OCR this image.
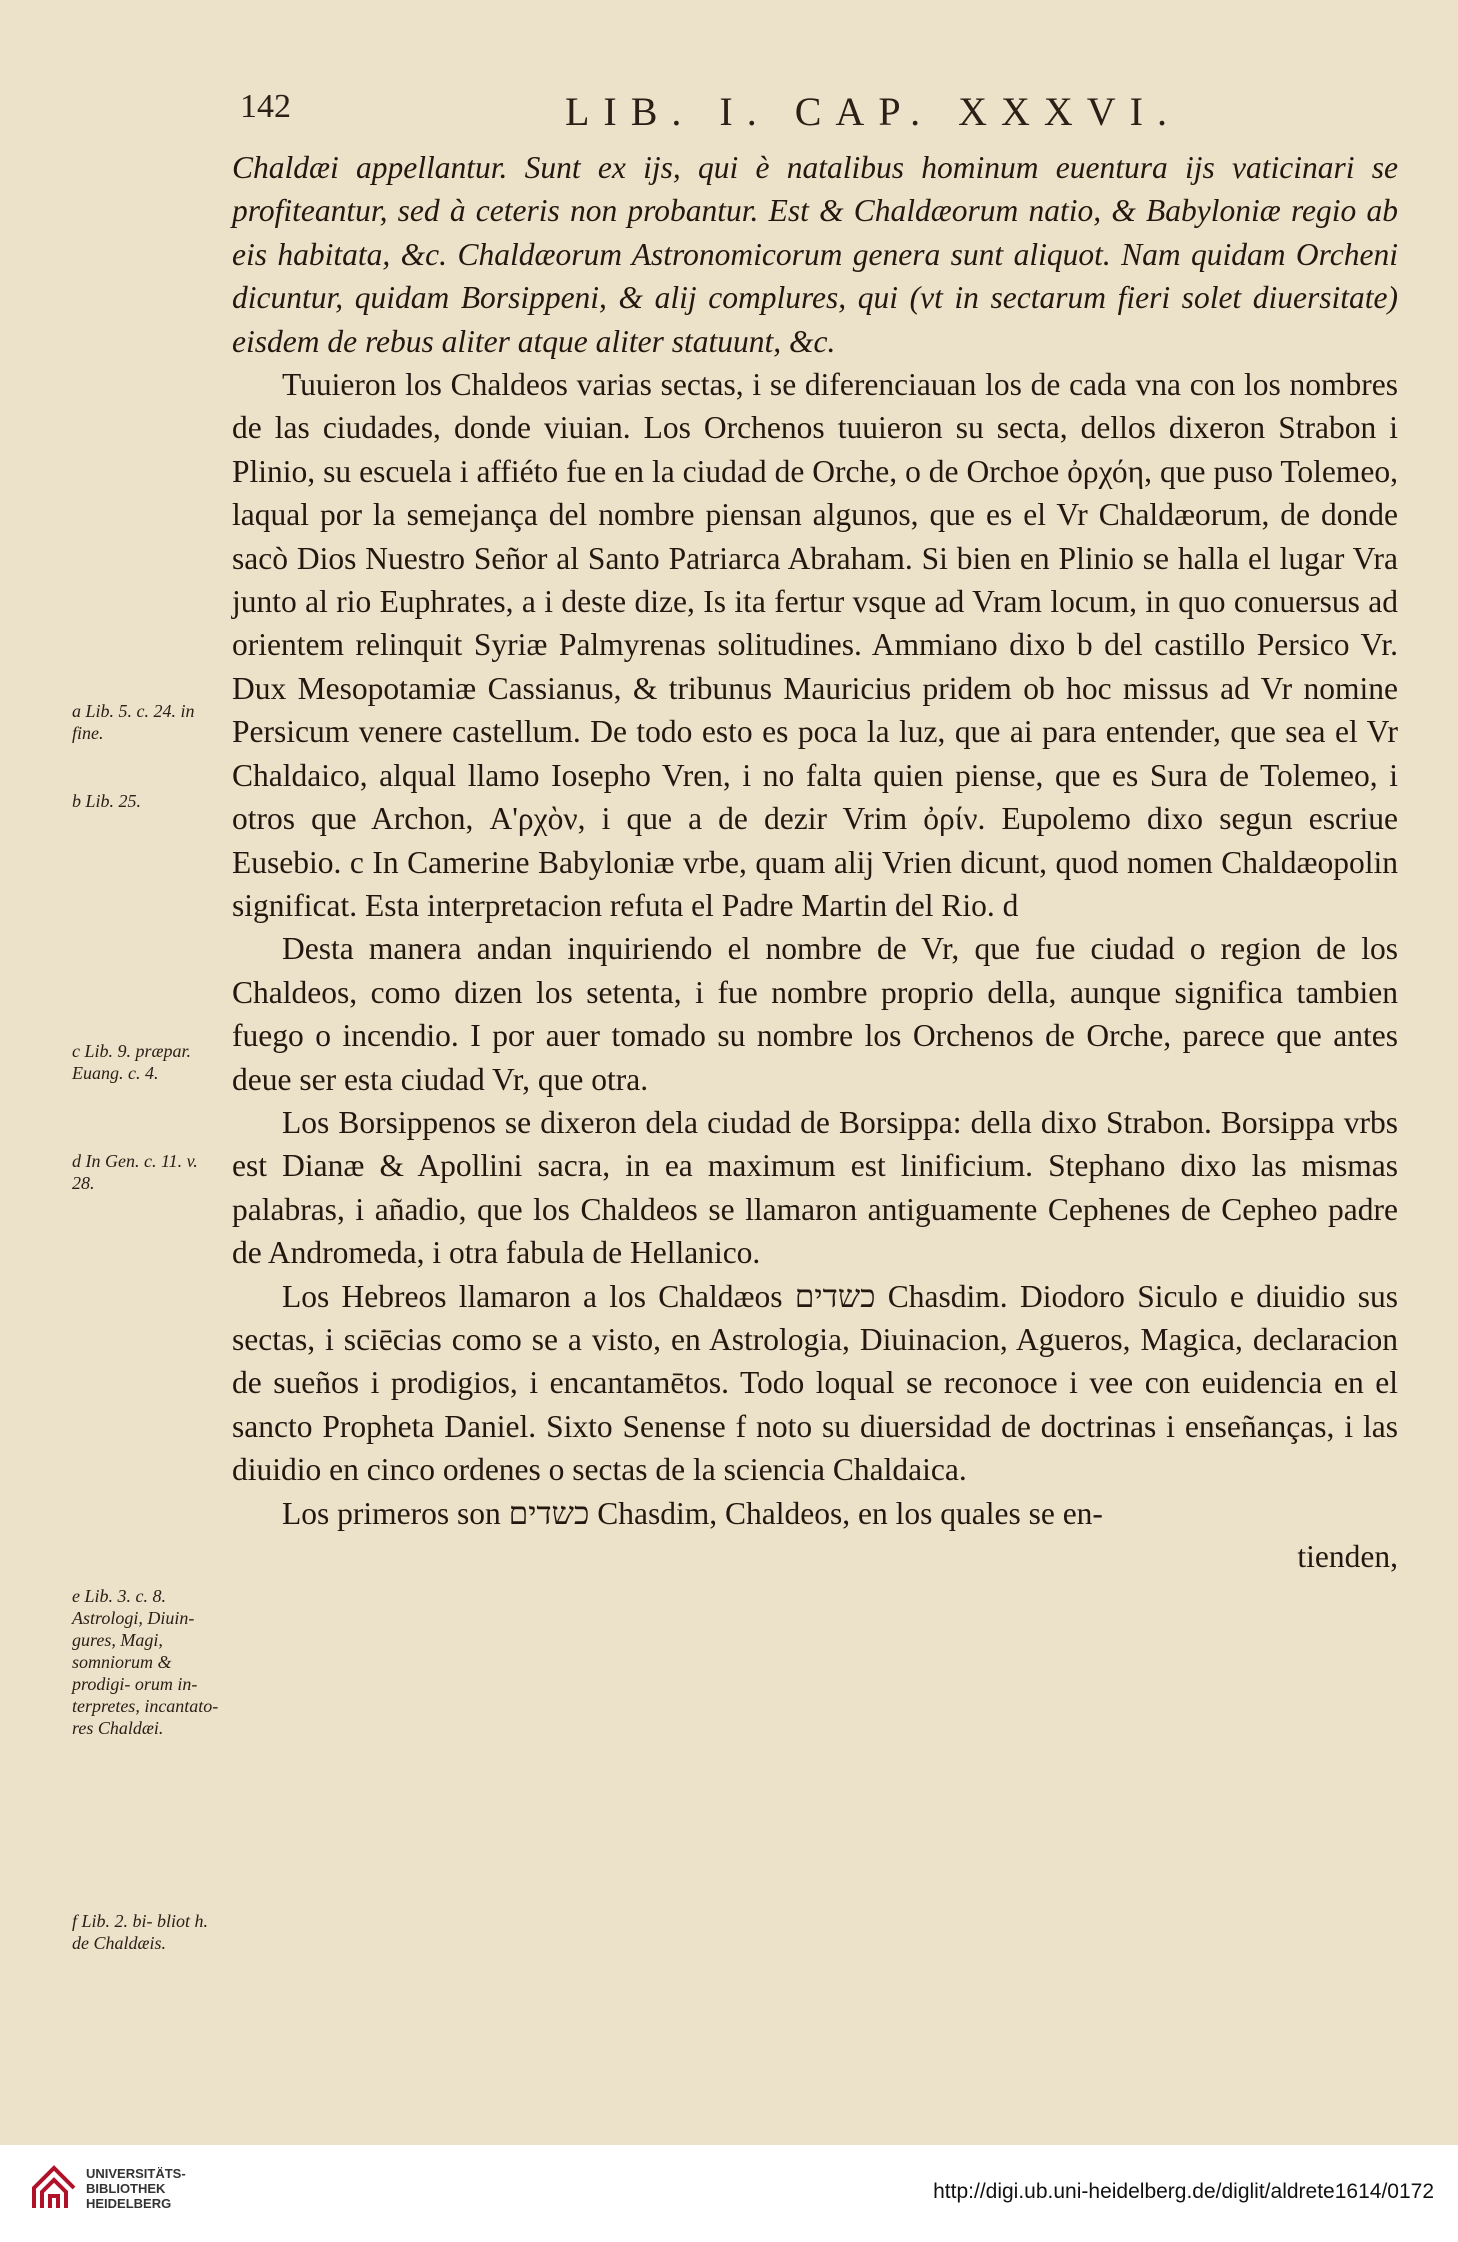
142	LIB. I. CAP. XXXVI.

Chaldæi appellantur. Sunt ex ijs, qui è natalibus hominum euentura ijs vaticinari se profiteantur, sed à ceteris non probantur. Est & Chaldæorum natio, & Babyloniæ regio ab eis habitata, &c. Chaldæorum Astronomicorum genera sunt aliquot. Nam quidam Orcheni dicuntur, quidam Borsippeni, & alij complures, qui (vt in sectarum fieri solet diuersitate) eisdem de rebus aliter atque aliter statuunt, &c.

Tuuieron los Chaldeos varias sectas, i se diferenciauan los de cada vna con los nombres de las ciudades, donde viuian. Los Orchenos tuuieron su secta, dellos dixeron Strabon i Plinio, su escuela i affiéto fue en la ciudad de Orche, o de Orchoe ὀρχόη, que puso Tolemeo, laqual por la semejança del nombre piensan algunos, que es el Vr Chaldæorum, de donde sacò Dios Nuestro Señor al Santo Patriarca Abraham. Si bien en Plinio se halla el lugar Vra junto al rio Euphrates, a i deste dize, Is ita fertur vsque ad Vram locum, in quo conuersus ad orientem relinquit Syriæ Palmyrenas solitudines. Ammiano dixo b del castillo Persico Vr. Dux Mesopotamiæ Cassianus, & tribunus Mauricius pridem ob hoc missus ad Vr nomine Persicum venere castellum. De todo esto es poca la luz, que ai para entender, que sea el Vr Chaldaico, alqual llamo Iosepho Vren, i no falta quien piense, que es Sura de Tolemeo, i otros que Archon, Α'ρχὸν, i que a de dezir Vrim ὀρίν. Eupolemo dixo segun escriue Eusebio. c In Camerine Babyloniæ vrbe, quam alij Vrien dicunt, quod nomen Chaldæopolin significat. Esta interpretacion refuta el Padre Martin del Rio. d

Desta manera andan inquiriendo el nombre de Vr, que fue ciudad o region de los Chaldeos, como dizen los setenta, i fue nombre proprio della, aunque significa tambien fuego o incendio. I por auer tomado su nombre los Orchenos de Orche, parece que antes deue ser esta ciudad Vr, que otra.

Los Borsippenos se dixeron dela ciudad de Borsippa: della dixo Strabon. Borsippa vrbs est Dianæ & Apollini sacra, in ea maximum est linificium. Stephano dixo las mismas palabras, i añadio, que los Chaldeos se llamaron antiguamente Cephenes de Cepheo padre de Andromeda, i otra fabula de Hellanico.

Los Hebreos llamaron a los Chaldæos כשדים Chasdim. Diodoro Siculo e diuidio sus sectas, i sciēcias como se a visto, en Astrologia, Diuinacion, Agueros, Magica, declaracion de sueños i prodigios, i encantamētos. Todo loqual se reconoce i vee con euidencia en el sancto Propheta Daniel. Sixto Senense f noto su diuersidad de doctrinas i enseñanças, i las diuidio en cinco ordenes o sectas de la sciencia Chaldaica.

Los primeros son כשדים Chasdim, Chaldeos, en los quales se en-

tienden,
a Lib. 5. c. 24. in fine.
b Lib. 25.
c Lib. 9. præpar. Euang. c. 4.
d In Gen. c. 11. v. 28.
e Lib. 3. c. 8. Astrologi, Diuin- gures, Magi, somniorum & prodigi- orum in- terpretes, incantato- res Chaldæi.
f Lib. 2. bi- bliot h. de Chaldæis.
UNIVERSITÄTS-
BIBLIOTHEK
HEIDELBERG
http://digi.ub.uni-heidelberg.de/diglit/aldrete1614/0172
